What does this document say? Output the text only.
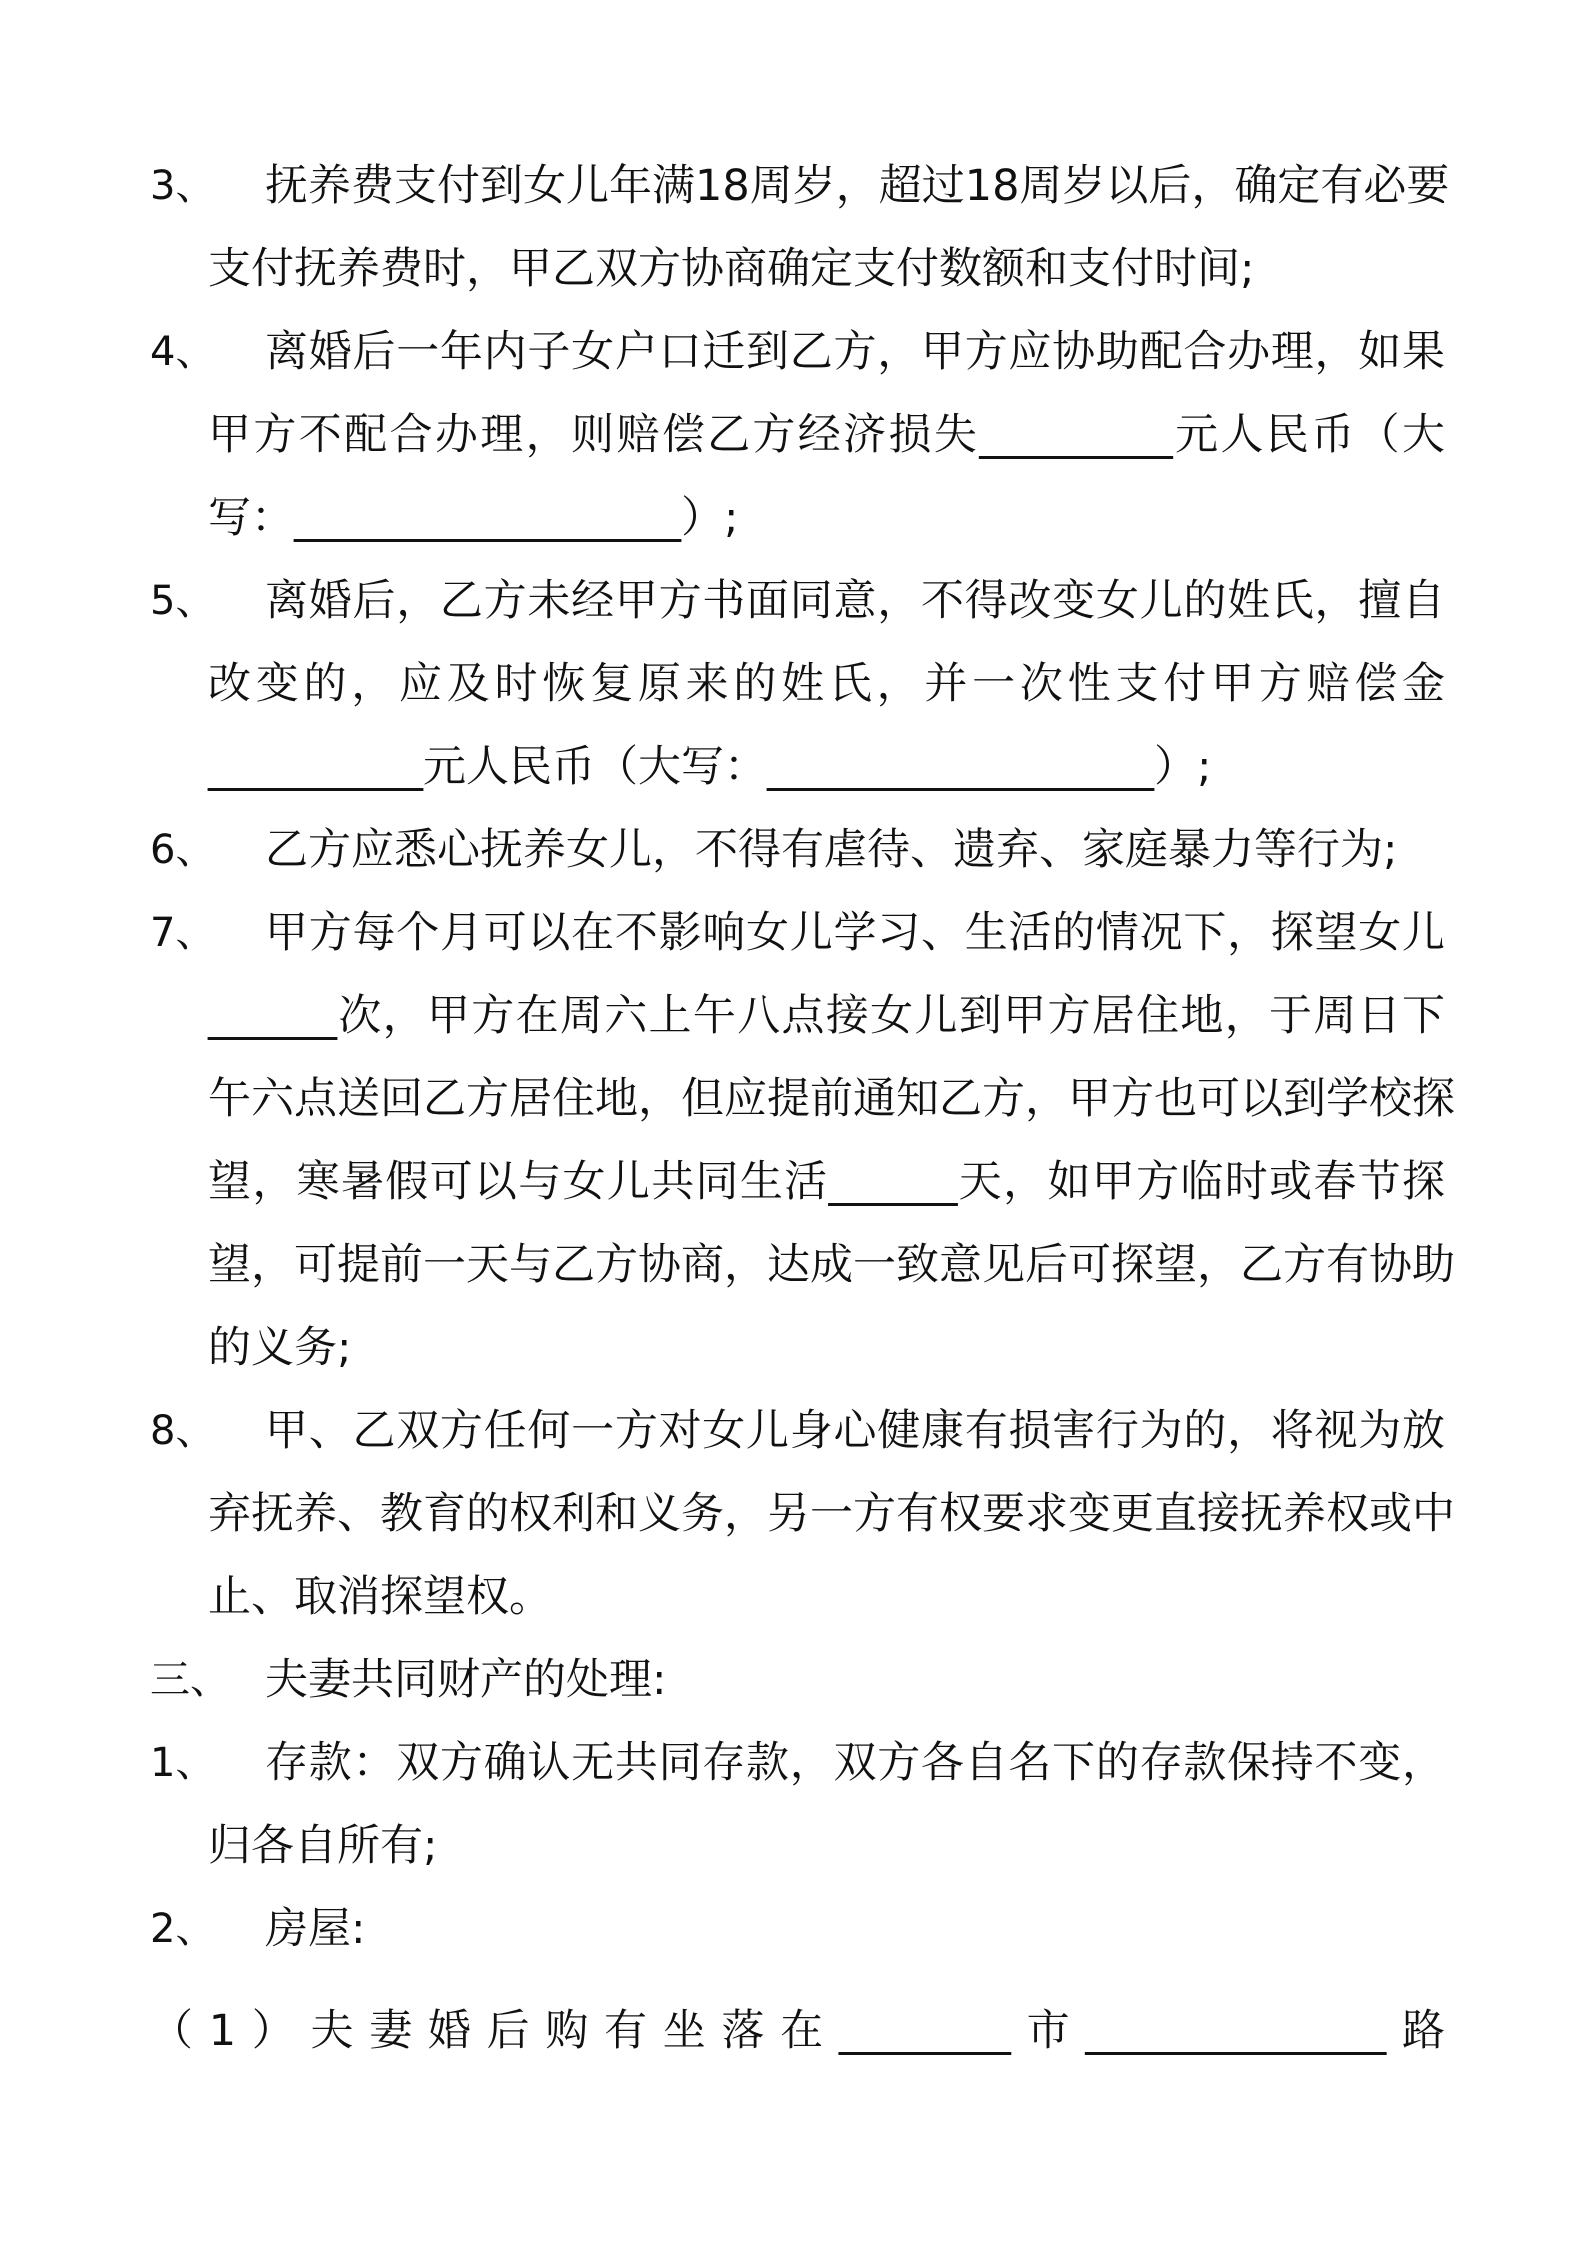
3、 抚养费支付到女儿年满18周岁，超过18周岁以后，确定有必要
支付抚养费时，甲乙双方协商确定支付数额和支付时间;
4、 离婚后一年内子女户口迁到乙方，甲方应协助配合办理，如果
甲方不配合办理，则赔偿乙方经济损失_________元人民币（大
写：__________________）;
5、 离婚后，乙方未经甲方书面同意，不得改变女儿的姓氏，擅自
改变的，应及时恢复原来的姓氏，并一次性支付甲方赔偿金
__________元人民币（大写：__________________）;
6、 乙方应悉心抚养女儿，不得有虐待、遗弃、家庭暴力等行为;
7、 甲方每个月可以在不影响女儿学习、生活的情况下，探望女儿
______次，甲方在周六上午八点接女儿到甲方居住地，于周日下
午六点送回乙方居住地，但应提前通知乙方，甲方也可以到学校探
望，寒暑假可以与女儿共同生活______天，如甲方临时或春节探
望，可提前一天与乙方协商，达成一致意见后可探望，乙方有协助
的义务;
8、 甲、乙双方任何一方对女儿身心健康有损害行为的，将视为放
弃抚养、教育的权利和义务，另一方有权要求变更直接抚养权或中
止、取消探望权。
三、 夫妻共同财产的处理:
1、 存款：双方确认无共同存款，双方各自名下的存款保持不变，
归各自所有;
2、 房屋:
（1）夫妻婚后购有坐落在________市______________路
